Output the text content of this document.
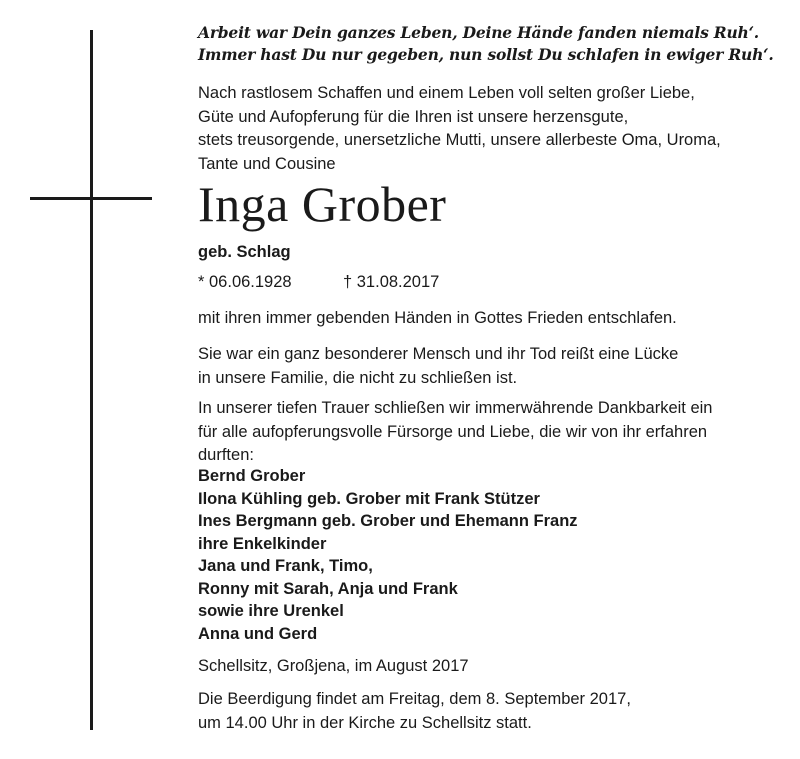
Arbeit war Dein ganzes Leben, Deine Hände fanden niemals Ruh‘.
Immer hast Du nur gegeben, nun sollst Du schlafen in ewiger Ruh‘.
Nach rastlosem Schaffen und einem Leben voll selten großer Liebe,
Güte und Aufopferung für die Ihren ist unsere herzensgute,
stets treusorgende, unersetzliche Mutti, unsere allerbeste Oma, Uroma,
Tante und Cousine
Inga Grober
geb. Schlag
* 06.06.1928	† 31.08.2017
mit ihren immer gebenden Händen in Gottes Frieden entschlafen.
Sie war ein ganz besonderer Mensch und ihr Tod reißt eine Lücke
in unsere Familie, die nicht zu schließen ist.
In unserer tiefen Trauer schließen wir immerwährende Dankbarkeit ein
für alle aufopferungsvolle Fürsorge und Liebe, die wir von ihr erfahren
durften:
Bernd Grober
Ilona Kühling geb. Grober mit Frank Stützer
Ines Bergmann geb. Grober und Ehemann Franz
ihre Enkelkinder
Jana und Frank, Timo,
Ronny mit Sarah, Anja und Frank
sowie ihre Urenkel
Anna und Gerd
Schellsitz, Großjena, im August 2017
Die Beerdigung findet am Freitag, dem 8. September 2017,
um 14.00 Uhr in der Kirche zu Schellsitz statt.
